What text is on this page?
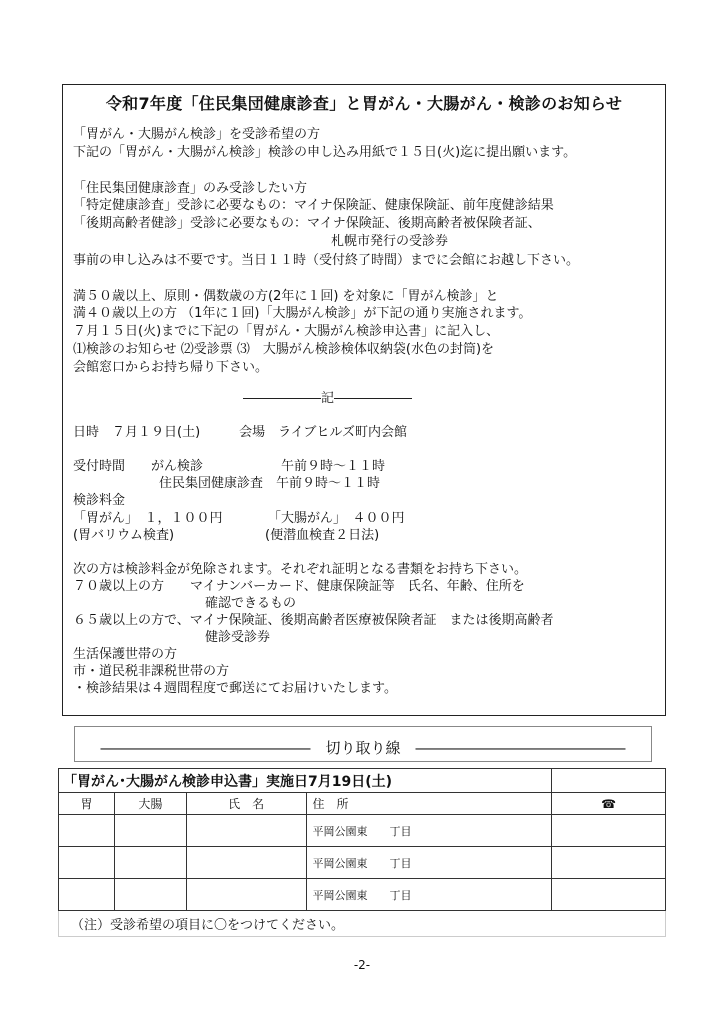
令和7年度「住民集団健康診査」と胃がん・大腸がん・検診のお知らせ
「胃がん・大腸がん検診」を受診希望の方
下記の「胃がん・大腸がん検診」検診の申し込み用紙で１５日(火)迄に提出願います。
「住民集団健康診査」のみ受診したい方
「特定健康診査」受診に必要なもの：マイナ保険証、健康保険証、前年度健診結果
「後期高齢者健診」受診に必要なもの：マイナ保険証、後期高齢者被保険者証、
札幌市発行の受診券
事前の申し込みは不要です。当日１１時（受付終了時間）までに会館にお越し下さい。
満５０歳以上、原則・偶数歳の方(2年に１回) を対象に「胃がん検診」と
満４０歳以上の方 （1年に１回)「大腸がん検診」が下記の通り実施されます。
７月１５日(火)までに下記の「胃がん・大腸がん検診申込書」に記入し、
⑴検診のお知らせ ⑵受診票 ⑶　大腸がん検診検体収納袋(水色の封筒)を
会館窓口からお持ち帰り下さい。
――――――記――――――
日時　７月１９日(土)　　　会場　ライブヒルズ町内会館
受付時間　　がん検診　　　　　　午前９時～１１時
住民集団健康診査　午前９時～１１時
検診料金
「胃がん」　１，１００円　　　　「大腸がん」　４００円
(胃バリウム検査)　　　　　　　(便潜血検査２日法)
次の方は検診料金が免除されます。それぞれ証明となる書類をお持ち下さい。
７０歳以上の方　　マイナンバーカード、健康保険証等　氏名、年齢、住所を
確認できるもの
６５歳以上の方で、マイナ保険証、後期高齢者医療被保険者証　または後期高齢者
健診受診券
生活保護世帯の方
市・道民税非課税世帯の方
・検診結果は４週間程度で郵送にてお届けいたします。
――――――――――――――　切り取り線　――――――――――――――
「胃がん･大腸がん検診申込書」実施日7月19日(土)				
胃	大腸	氏　名	住　所	☎
			平岡公園東　　丁目	
			平岡公園東　　丁目	
			平岡公園東　　丁目	
（注）受診希望の項目に〇をつけてください。				
-2-
